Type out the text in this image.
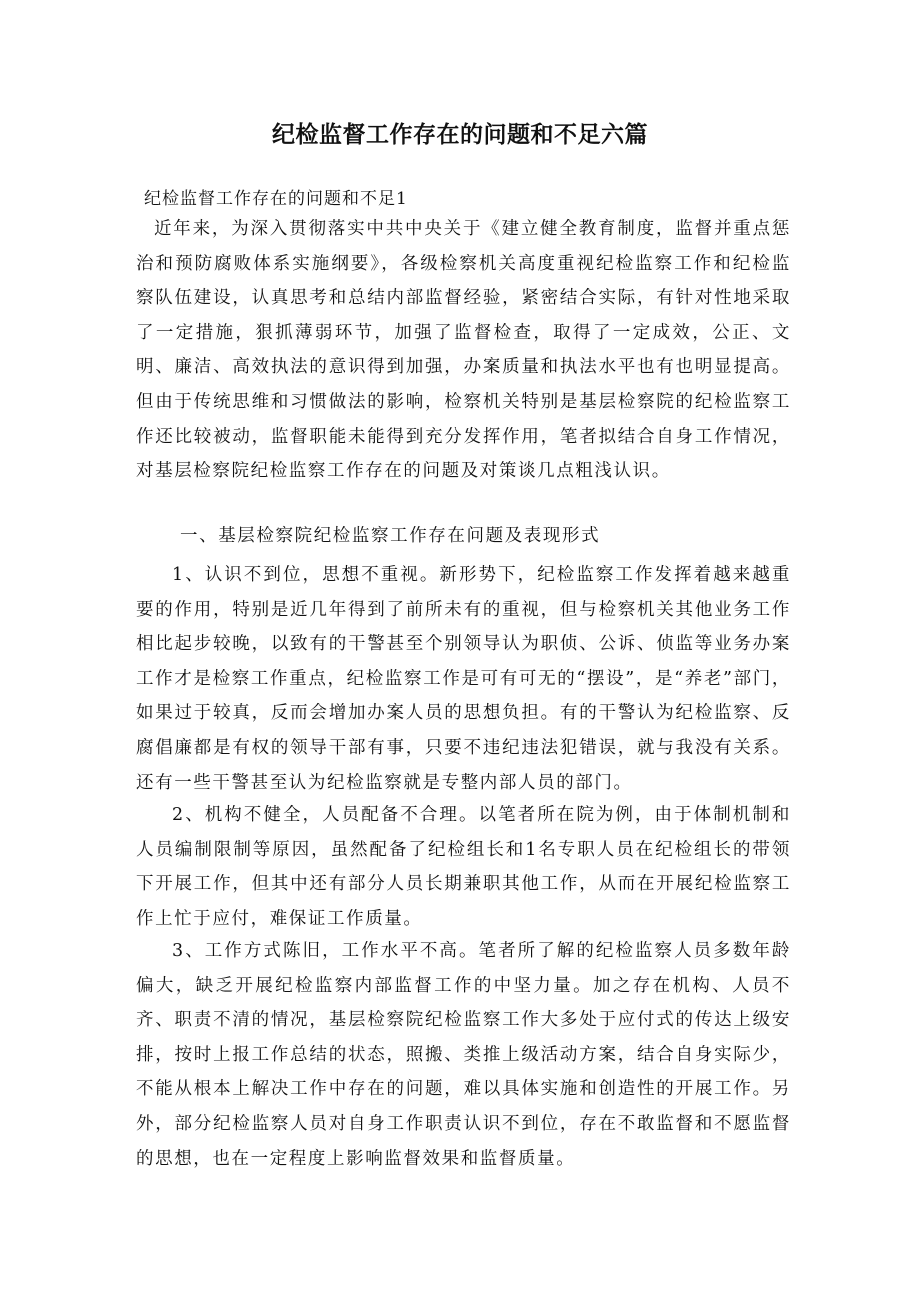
纪检监督工作存在的问题和不足六篇
纪检监督工作存在的问题和不足1
近年来，为深入贯彻落实中共中央关于《建立健全教育制度，监督并重点惩治和预防腐败体系实施纲要》，各级检察机关高度重视纪检监察工作和纪检监察队伍建设，认真思考和总结内部监督经验，紧密结合实际，有针对性地采取了一定措施，狠抓薄弱环节，加强了监督检查，取得了一定成效，公正、文明、廉洁、高效执法的意识得到加强，办案质量和执法水平也有也明显提高。但由于传统思维和习惯做法的影响，检察机关特别是基层检察院的纪检监察工作还比较被动，监督职能未能得到充分发挥作用，笔者拟结合自身工作情况，对基层检察院纪检监察工作存在的问题及对策谈几点粗浅认识。
一、基层检察院纪检监察工作存在问题及表现形式
1、认识不到位，思想不重视。新形势下，纪检监察工作发挥着越来越重要的作用，特别是近几年得到了前所未有的重视，但与检察机关其他业务工作相比起步较晚，以致有的干警甚至个别领导认为职侦、公诉、侦监等业务办案工作才是检察工作重点，纪检监察工作是可有可无的“摆设”，是“养老”部门，如果过于较真，反而会增加办案人员的思想负担。有的干警认为纪检监察、反腐倡廉都是有权的领导干部有事，只要不违纪违法犯错误，就与我没有关系。还有一些干警甚至认为纪检监察就是专整内部人员的部门。
2、机构不健全，人员配备不合理。以笔者所在院为例，由于体制机制和人员编制限制等原因，虽然配备了纪检组长和1名专职人员在纪检组长的带领下开展工作，但其中还有部分人员长期兼职其他工作，从而在开展纪检监察工作上忙于应付，难保证工作质量。
3、工作方式陈旧，工作水平不高。笔者所了解的纪检监察人员多数年龄偏大，缺乏开展纪检监察内部监督工作的中坚力量。加之存在机构、人员不齐、职责不清的情况，基层检察院纪检监察工作大多处于应付式的传达上级安排，按时上报工作总结的状态，照搬、类推上级活动方案，结合自身实际少，不能从根本上解决工作中存在的问题，难以具体实施和创造性的开展工作。另外，部分纪检监察人员对自身工作职责认识不到位，存在不敢监督和不愿监督的思想，也在一定程度上影响监督效果和监督质量。
